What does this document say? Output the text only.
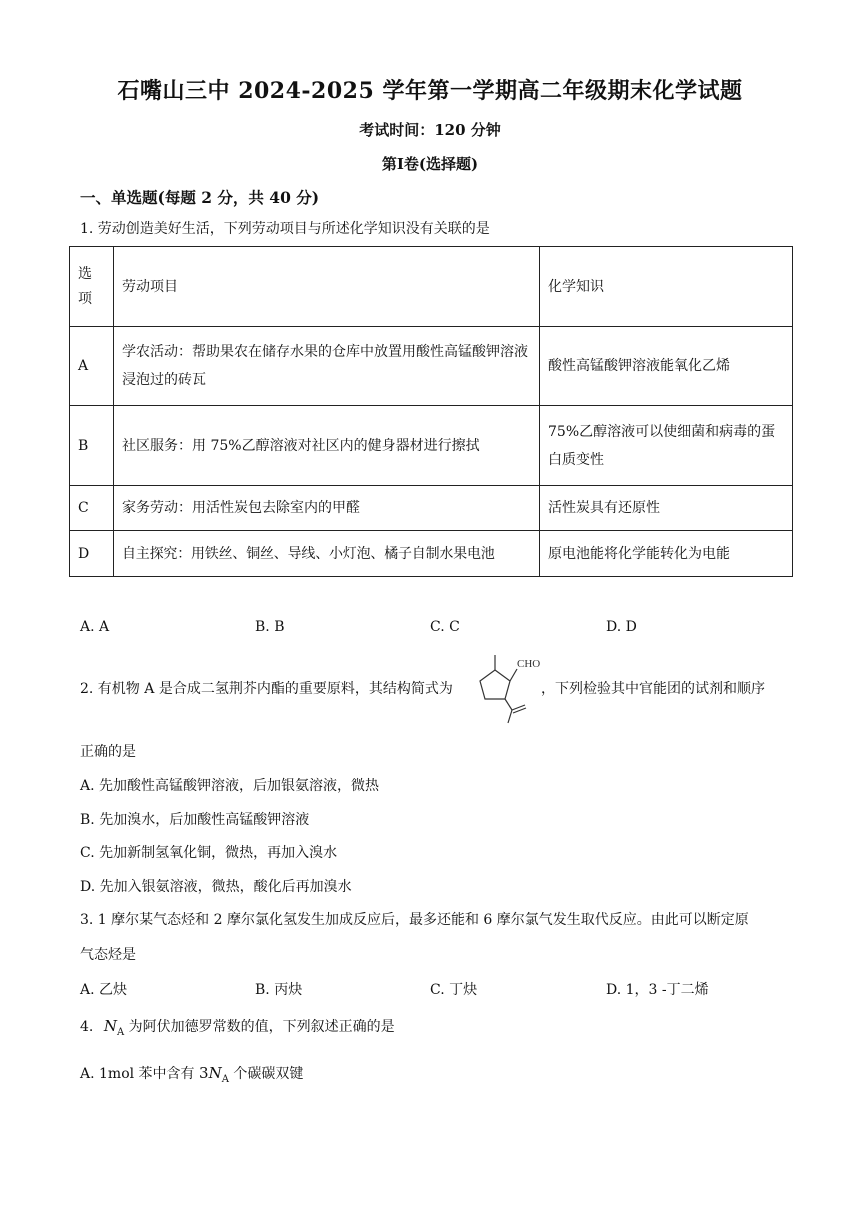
石嘴山三中 2024-2025 学年第一学期高二年级期末化学试题
考试时间：120 分钟
第Ⅰ卷(选择题)
一、单选题(每题 2 分，共 40 分)
1. 劳动创造美好生活，下列劳动项目与所述化学知识没有关联的是
选项	劳动项目	化学知识
A	学农活动：帮助果农在储存水果的仓库中放置用酸性高锰酸钾溶液浸泡过的砖瓦	酸性高锰酸钾溶液能氧化乙烯
B	社区服务：用 75%乙醇溶液对社区内的健身器材进行擦拭	75%乙醇溶液可以使细菌和病毒的蛋白质变性
C	家务劳动：用活性炭包去除室内的甲醛	活性炭具有还原性
D	自主探究：用铁丝、铜丝、导线、小灯泡、橘子自制水果电池	原电池能将化学能转化为电能
A. A	B. B	C. C	D. D
2. 有机物 A 是合成二氢荆芥内酯的重要原料，其结构简式为
CHO
，下列检验其中官能团的试剂和顺序
正确的是
A. 先加酸性高锰酸钾溶液，后加银氨溶液，微热
B. 先加溴水，后加酸性高锰酸钾溶液
C. 先加新制氢氧化铜，微热，再加入溴水
D. 先加入银氨溶液，微热，酸化后再加溴水
3. 1 摩尔某气态烃和 2 摩尔氯化氢发生加成反应后，最多还能和 6 摩尔氯气发生取代反应。由此可以断定原
气态烃是
A. 乙炔	B. 丙炔	C. 丁炔	D. 1，3 -丁二烯
4. $N_A$ 为阿伏加德罗常数的值，下列叙述正确的是
A. 1mol 苯中含有 $3N_A$ 个碳碳双键
